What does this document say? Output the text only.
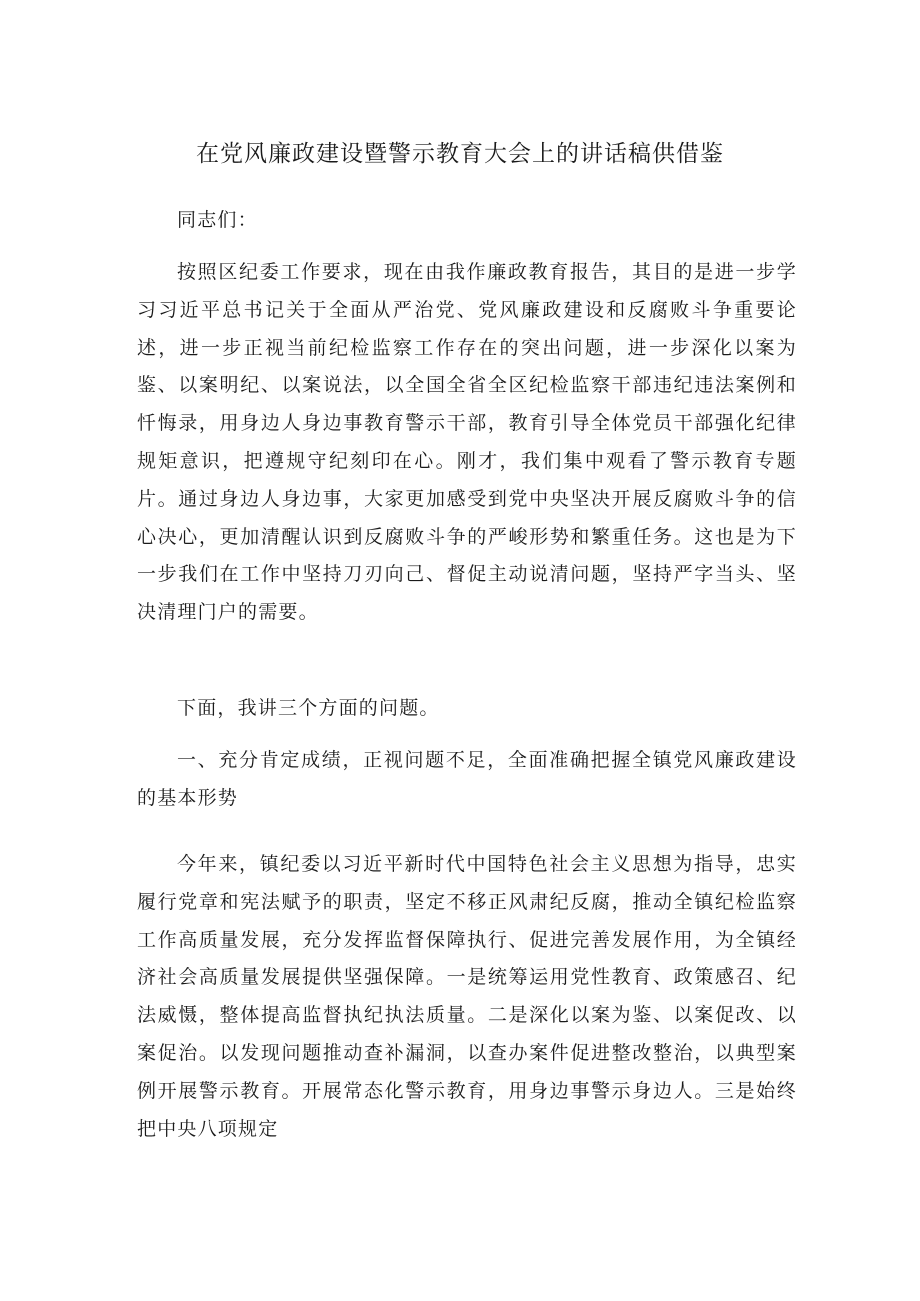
在党风廉政建设暨警示教育大会上的讲话稿供借鉴

同志们：

按照区纪委工作要求，现在由我作廉政教育报告，其目的是进一步学习习近平总书记关于全面从严治党、党风廉政建设和反腐败斗争重要论述，进一步正视当前纪检监察工作存在的突出问题，进一步深化以案为鉴、以案明纪、以案说法，以全国全省全区纪检监察干部违纪违法案例和忏悔录，用身边人身边事教育警示干部，教育引导全体党员干部强化纪律规矩意识，把遵规守纪刻印在心。刚才，我们集中观看了警示教育专题片。通过身边人身边事，大家更加感受到党中央坚决开展反腐败斗争的信心决心，更加清醒认识到反腐败斗争的严峻形势和繁重任务。这也是为下一步我们在工作中坚持刀刃向己、督促主动说清问题，坚持严字当头、坚决清理门户的需要。

下面，我讲三个方面的问题。

一、充分肯定成绩，正视问题不足，全面准确把握全镇党风廉政建设的基本形势

今年来，镇纪委以习近平新时代中国特色社会主义思想为指导，忠实履行党章和宪法赋予的职责，坚定不移正风肃纪反腐，推动全镇纪检监察工作高质量发展，充分发挥监督保障执行、促进完善发展作用，为全镇经济社会高质量发展提供坚强保障。一是统筹运用党性教育、政策感召、纪法威慑，整体提高监督执纪执法质量。二是深化以案为鉴、以案促改、以案促治。以发现问题推动查补漏洞，以查办案件促进整改整治，以典型案例开展警示教育。开展常态化警示教育，用身边事警示身边人。三是始终把中央八项规定
